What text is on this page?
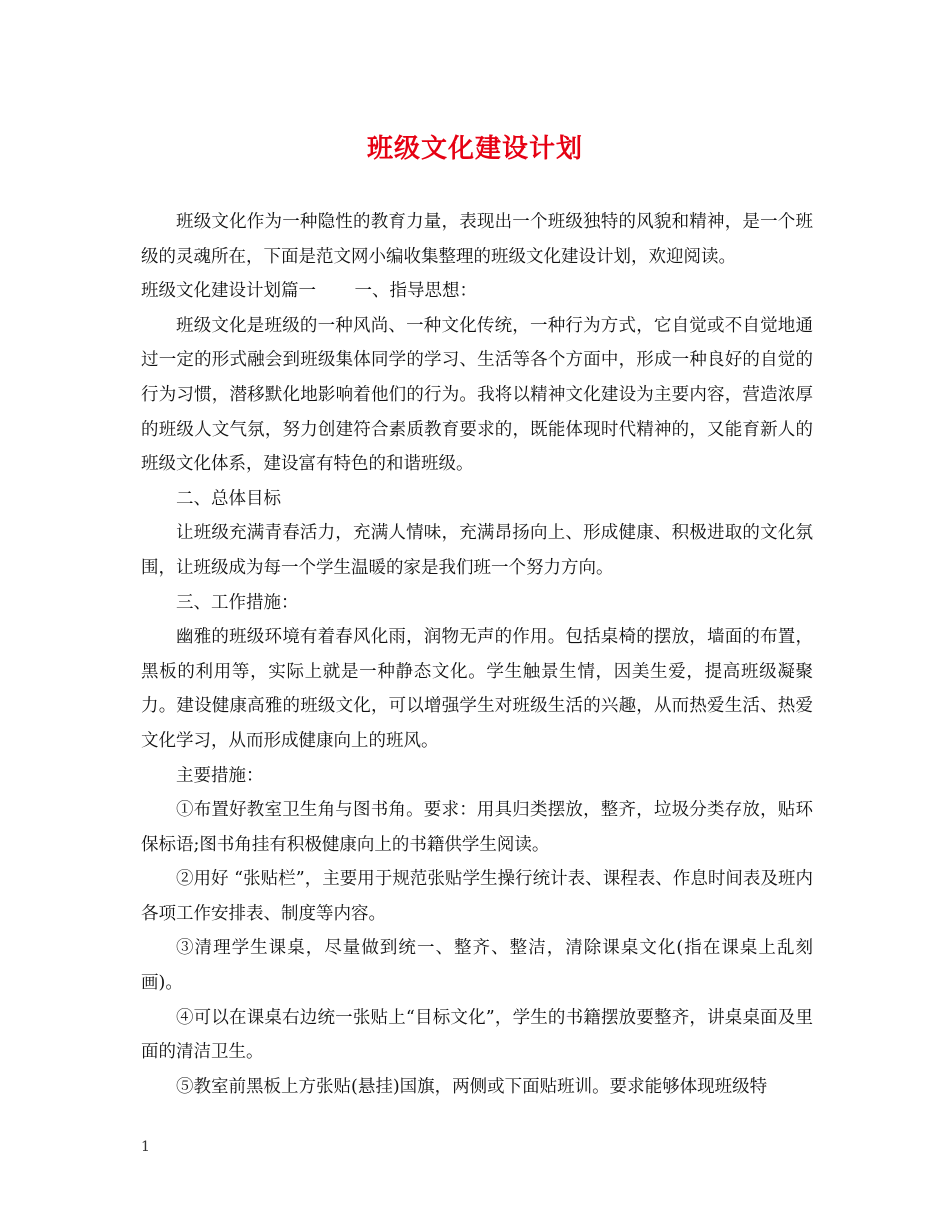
班级文化建设计划

班级文化作为一种隐性的教育力量，表现出一个班级独特的风貌和精神，是一个班级的灵魂所在，下面是范文网小编收集整理的班级文化建设计划，欢迎阅读。

班级文化建设计划篇一 一、指导思想：

班级文化是班级的一种风尚、一种文化传统，一种行为方式，它自觉或不自觉地通过一定的形式融会到班级集体同学的学习、生活等各个方面中，形成一种良好的自觉的行为习惯，潜移默化地影响着他们的行为。我将以精神文化建设为主要内容，营造浓厚的班级人文气氛，努力创建符合素质教育要求的，既能体现时代精神的，又能育新人的班级文化体系，建设富有特色的和谐班级。

二、总体目标

让班级充满青春活力，充满人情味，充满昂扬向上、形成健康、积极进取的文化氛围，让班级成为每一个学生温暖的家是我们班一个努力方向。

三、工作措施：

幽雅的班级环境有着春风化雨，润物无声的作用。包括桌椅的摆放，墙面的布置，黑板的利用等，实际上就是一种静态文化。学生触景生情，因美生爱，提高班级凝聚力。建设健康高雅的班级文化，可以增强学生对班级生活的兴趣，从而热爱生活、热爱文化学习，从而形成健康向上的班风。

主要措施：

①布置好教室卫生角与图书角。要求：用具归类摆放，整齐，垃圾分类存放，贴环保标语;图书角挂有积极健康向上的书籍供学生阅读。

②用好 “张贴栏”，主要用于规范张贴学生操行统计表、课程表、作息时间表及班内各项工作安排表、制度等内容。

③清理学生课桌，尽量做到统一、整齐、整洁，清除课桌文化(指在课桌上乱刻画)。

④可以在课桌右边统一张贴上“目标文化”，学生的书籍摆放要整齐，讲桌桌面及里面的清洁卫生。

⑤教室前黑板上方张贴(悬挂)国旗，两侧或下面贴班训。要求能够体现班级特

1
